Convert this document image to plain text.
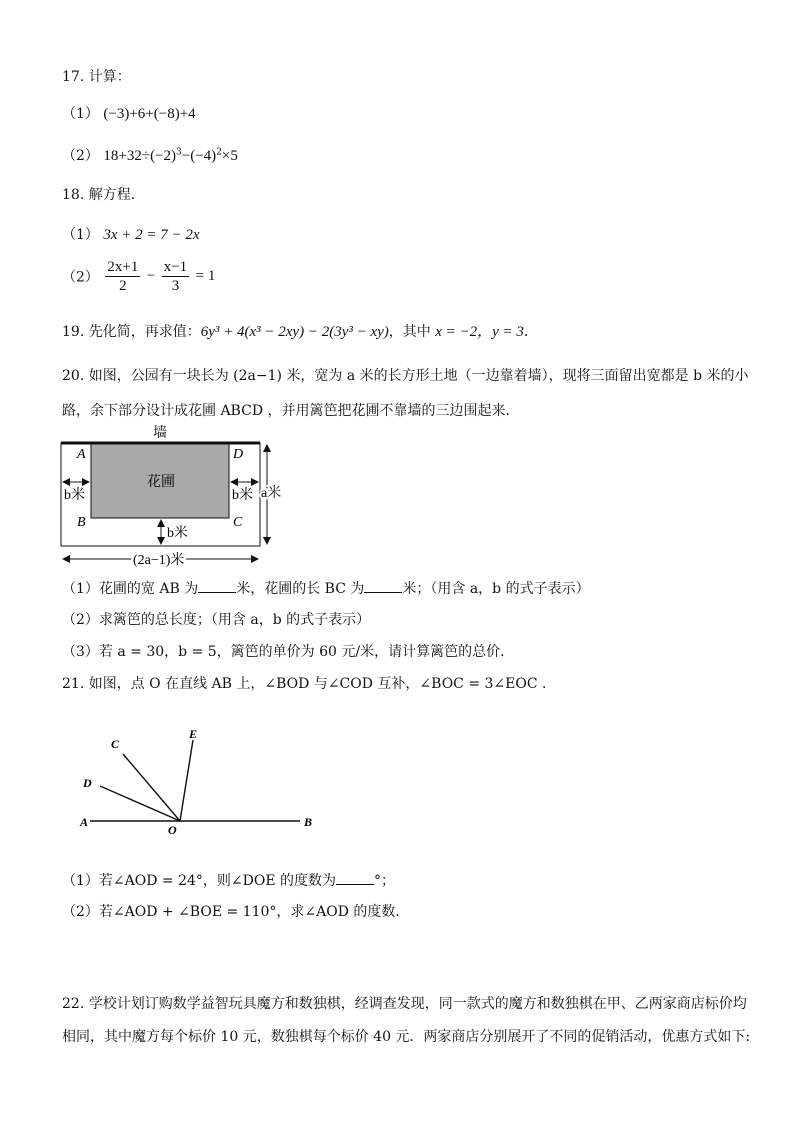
17. 计算：
（1） (−3)+6+(−8)+4
（2） $18+32\div(-2)^3-(-4)^2\times 5$
18. 解方程．
（1） 3x + 2 = 7 − 2x
$(2) \frac{2x+1}{2} - \frac{x-1}{3} = 1$
19. 先化简，再求值：6y³ + 4(x³ − 2xy) − 2(3y³ − xy)，其中 x = −2，y = 3．
20. 如图，公园有一块长为 (2a−1) 米，宽为 a 米的长方形土地（一边靠着墙），现将三面留出宽都是 b 米的小
路，余下部分设计成花圃 ABCD ，并用篱笆把花圃不靠墙的三边围起来．
墙
花圃
A	D
B	C
b米	b米
b米
a米
(2a−1)米
（1）花圃的宽 AB 为	米，花圃的长 BC 为	米；（用含 a，b 的式子表示）
（2）求篱笆的总长度；（用含 a，b 的式子表示）
（3）若 a = 30，b = 5，篱笆的单价为 60 元/米，请计算篱笆的总价．
21. 如图，点 O 在直线 AB 上，∠BOD 与∠COD 互补，∠BOC = 3∠EOC ．
A	B
C
D
E
O
（1）若∠AOD = 24°，则∠DOE 的度数为	°；
（2）若∠AOD + ∠BOE = 110°，求∠AOD 的度数．
22. 学校计划订购数学益智玩具魔方和数独棋，经调查发现，同一款式的魔方和数独棋在甲、乙两家商店标价均
相同，其中魔方每个标价 10 元，数独棋每个标价 40 元．两家商店分别展开了不同的促销活动，优惠方式如下:
